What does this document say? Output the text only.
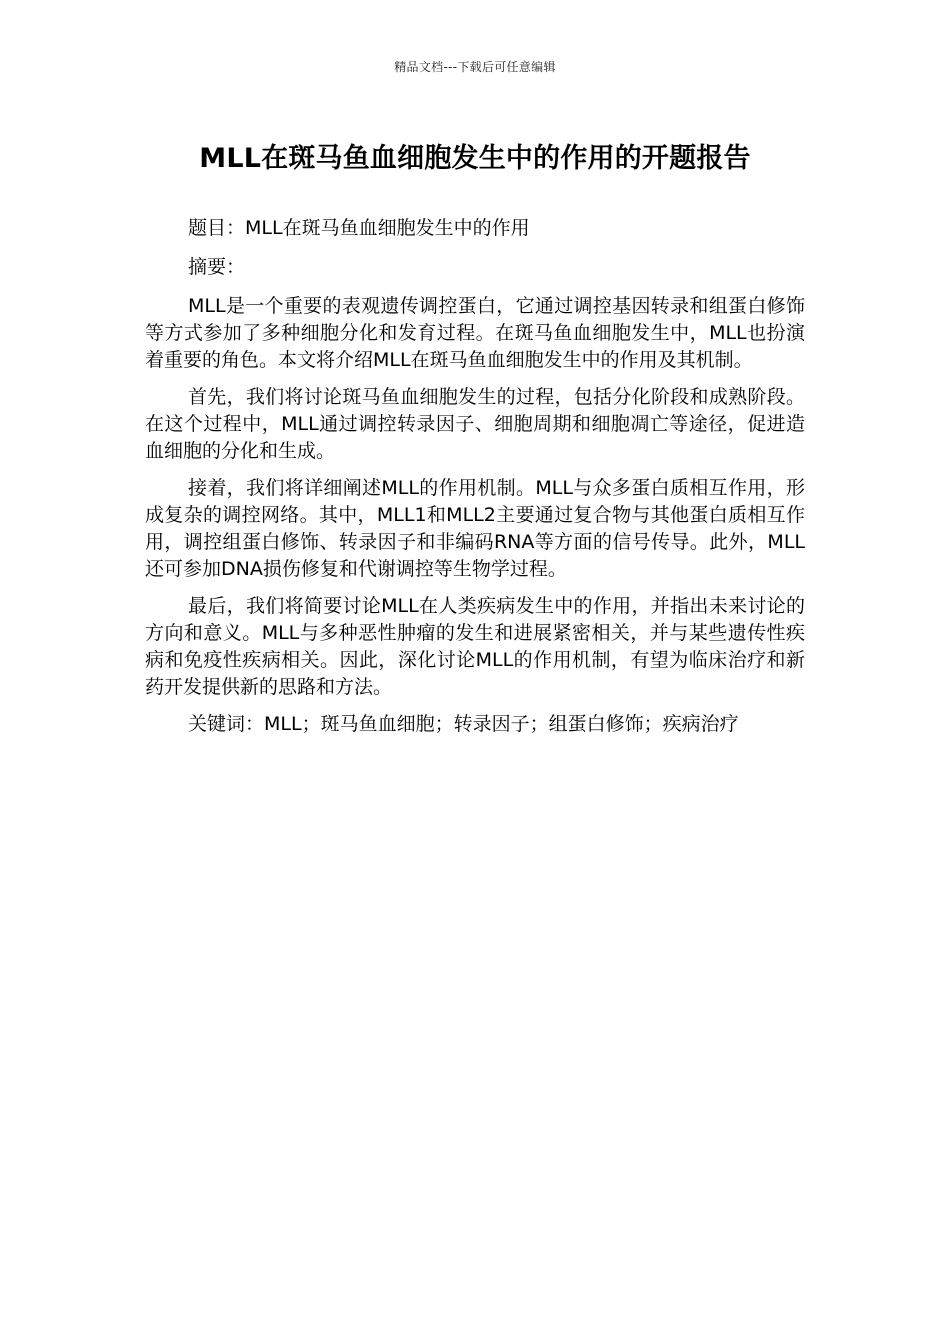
精品文档---下载后可任意编辑
MLL在斑马鱼血细胞发生中的作用的开题报告

题目：MLL在斑马鱼血细胞发生中的作用

摘要：

MLL是一个重要的表观遗传调控蛋白，它通过调控基因转录和组蛋白修饰等方式参加了多种细胞分化和发育过程。在斑马鱼血细胞发生中，MLL也扮演着重要的角色。本文将介绍MLL在斑马鱼血细胞发生中的作用及其机制。

首先，我们将讨论斑马鱼血细胞发生的过程，包括分化阶段和成熟阶段。在这个过程中，MLL通过调控转录因子、细胞周期和细胞凋亡等途径，促进造血细胞的分化和生成。

接着，我们将详细阐述MLL的作用机制。MLL与众多蛋白质相互作用，形成复杂的调控网络。其中，MLL1和MLL2主要通过复合物与其他蛋白质相互作用，调控组蛋白修饰、转录因子和非编码RNA等方面的信号传导。此外，MLL还可参加DNA损伤修复和代谢调控等生物学过程。

最后，我们将简要讨论MLL在人类疾病发生中的作用，并指出未来讨论的方向和意义。MLL与多种恶性肿瘤的发生和进展紧密相关，并与某些遗传性疾病和免疫性疾病相关。因此，深化讨论MLL的作用机制，有望为临床治疗和新药开发提供新的思路和方法。

关键词：MLL；斑马鱼血细胞；转录因子；组蛋白修饰；疾病治疗
